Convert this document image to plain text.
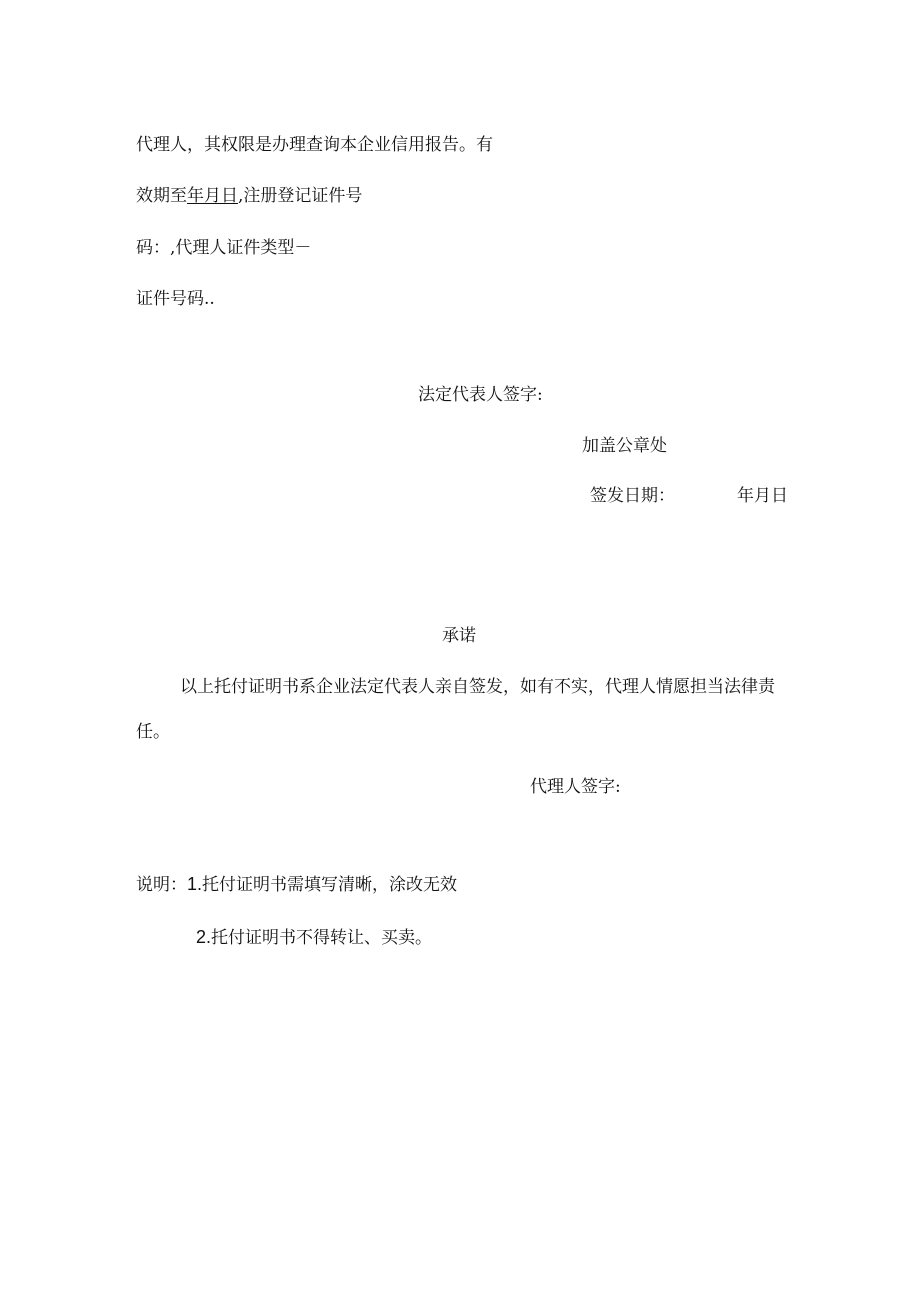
代理人，其权限是办理查询本企业信用报告。有
效期至年月日,注册登记证件号
码：,代理人证件类型－
证件号码..
法定代表人签字:
加盖公章处
签发日期：	年月日
承诺
以上托付证明书系企业法定代表人亲自签发，如有不实，代理人情愿担当法律责
任。
代理人签字:
说明：1.托付证明书需填写清晰，涂改无效
2.托付证明书不得转让、买卖。
